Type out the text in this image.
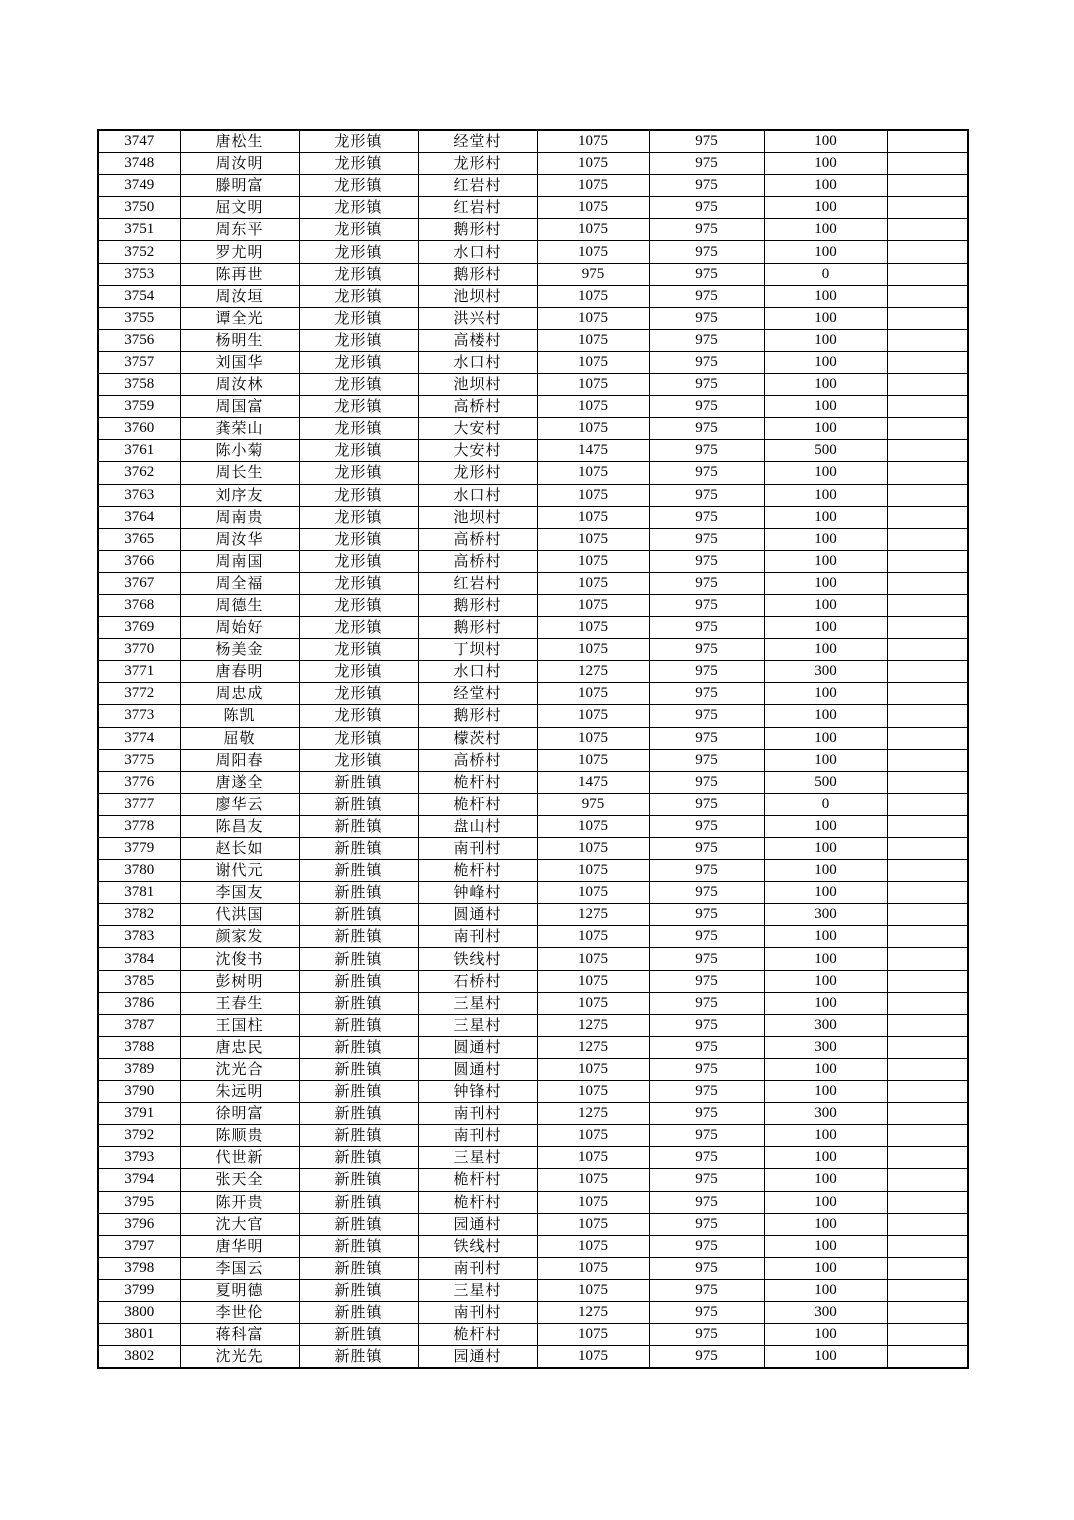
3747	唐松生	龙形镇	经堂村	1075	975	100	
3748	周汝明	龙形镇	龙形村	1075	975	100	
3749	滕明富	龙形镇	红岩村	1075	975	100	
3750	屈文明	龙形镇	红岩村	1075	975	100	
3751	周东平	龙形镇	鹅形村	1075	975	100	
3752	罗尤明	龙形镇	水口村	1075	975	100	
3753	陈再世	龙形镇	鹅形村	975	975	0	
3754	周汝垣	龙形镇	池坝村	1075	975	100	
3755	谭全光	龙形镇	洪兴村	1075	975	100	
3756	杨明生	龙形镇	高楼村	1075	975	100	
3757	刘国华	龙形镇	水口村	1075	975	100	
3758	周汝林	龙形镇	池坝村	1075	975	100	
3759	周国富	龙形镇	高桥村	1075	975	100	
3760	龚荣山	龙形镇	大安村	1075	975	100	
3761	陈小菊	龙形镇	大安村	1475	975	500	
3762	周长生	龙形镇	龙形村	1075	975	100	
3763	刘序友	龙形镇	水口村	1075	975	100	
3764	周南贵	龙形镇	池坝村	1075	975	100	
3765	周汝华	龙形镇	高桥村	1075	975	100	
3766	周南国	龙形镇	高桥村	1075	975	100	
3767	周全福	龙形镇	红岩村	1075	975	100	
3768	周德生	龙形镇	鹅形村	1075	975	100	
3769	周始好	龙形镇	鹅形村	1075	975	100	
3770	杨美金	龙形镇	丁坝村	1075	975	100	
3771	唐春明	龙形镇	水口村	1275	975	300	
3772	周忠成	龙形镇	经堂村	1075	975	100	
3773	陈凯	龙形镇	鹅形村	1075	975	100	
3774	屈敬	龙形镇	檬茨村	1075	975	100	
3775	周阳春	龙形镇	高桥村	1075	975	100	
3776	唐遂全	新胜镇	桅杆村	1475	975	500	
3777	廖华云	新胜镇	桅杆村	975	975	0	
3778	陈昌友	新胜镇	盘山村	1075	975	100	
3779	赵长如	新胜镇	南刊村	1075	975	100	
3780	谢代元	新胜镇	桅杆村	1075	975	100	
3781	李国友	新胜镇	钟峰村	1075	975	100	
3782	代洪国	新胜镇	圆通村	1275	975	300	
3783	颜家发	新胜镇	南刊村	1075	975	100	
3784	沈俊书	新胜镇	铁线村	1075	975	100	
3785	彭树明	新胜镇	石桥村	1075	975	100	
3786	王春生	新胜镇	三星村	1075	975	100	
3787	王国柱	新胜镇	三星村	1275	975	300	
3788	唐忠民	新胜镇	圆通村	1275	975	300	
3789	沈光合	新胜镇	圆通村	1075	975	100	
3790	朱远明	新胜镇	钟锋村	1075	975	100	
3791	徐明富	新胜镇	南刊村	1275	975	300	
3792	陈顺贵	新胜镇	南刊村	1075	975	100	
3793	代世新	新胜镇	三星村	1075	975	100	
3794	张天全	新胜镇	桅杆村	1075	975	100	
3795	陈开贵	新胜镇	桅杆村	1075	975	100	
3796	沈大官	新胜镇	园通村	1075	975	100	
3797	唐华明	新胜镇	铁线村	1075	975	100	
3798	李国云	新胜镇	南刊村	1075	975	100	
3799	夏明德	新胜镇	三星村	1075	975	100	
3800	李世伦	新胜镇	南刊村	1275	975	300	
3801	蒋科富	新胜镇	桅杆村	1075	975	100	
3802	沈光先	新胜镇	园通村	1075	975	100	
